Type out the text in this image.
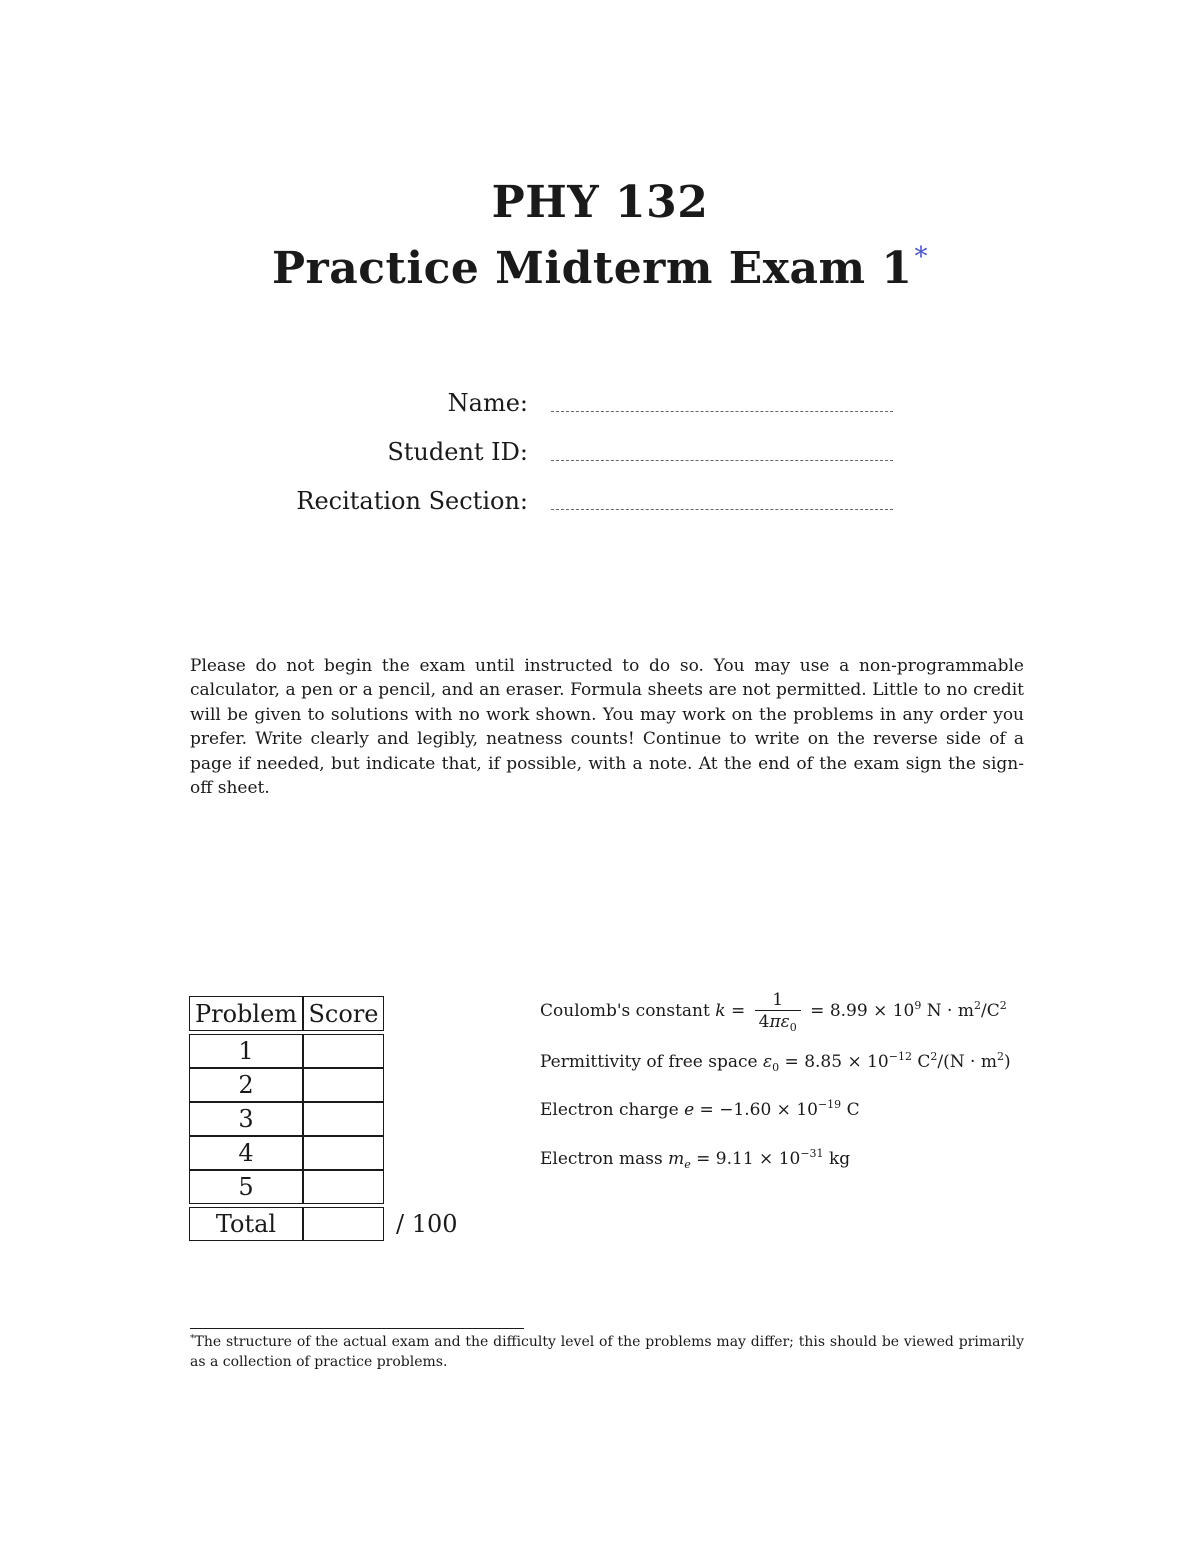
PHY 132
Practice Midterm Exam 1*
Name:
Student ID:
Recitation Section:
Please do not begin the exam until instructed to do so. You may use a non-programmable calculator, a pen or a pencil, and an eraser. Formula sheets are not permitted. Little to no credit will be given to solutions with no work shown. You may work on the problems in any order you prefer. Write clearly and legibly, neatness counts! Continue to write on the reverse side of a page if needed, but indicate that, if possible, with a note. At the end of the exam sign the sign-off sheet.
Problem	Score	

1		
2		
3		
4		
5		

Total		/ 100
Coulomb's constant $k = \frac{1}{4\pi\varepsilon_0} = 8.99 \times 10^9$ $N \cdot m^2/C^2$
Permittivity of free space $\varepsilon_0 = 8.85 \times 10^{-12}$ $C^2/(N \cdot m^2)$
Electron charge $e = -1.60 \times 10^{-19}$ C
Electron mass $m_e = 9.11 \times 10^{-31}$ kg
*The structure of the actual exam and the difficulty level of the problems may differ; this should be viewed primarily as a collection of practice problems.
